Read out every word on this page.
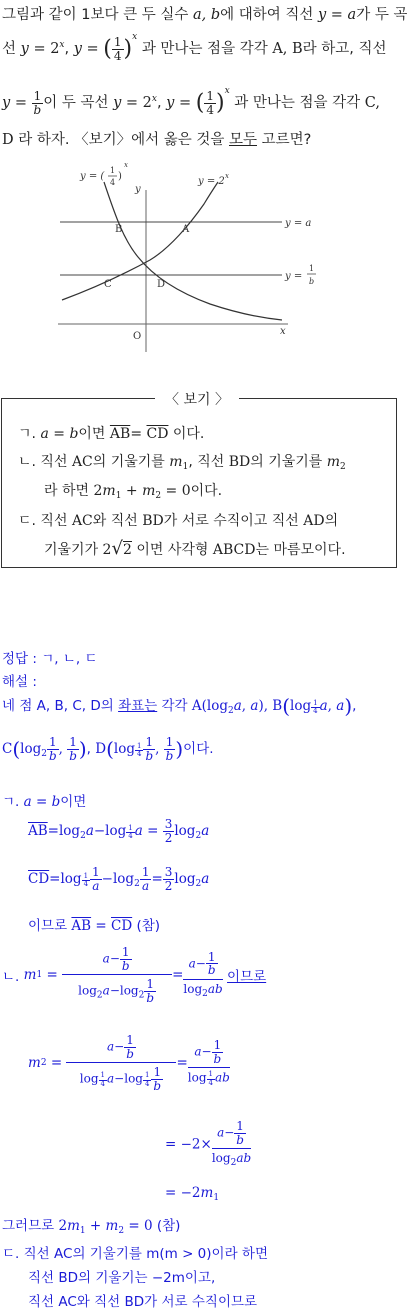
그림과 같이 1보다 큰 두 실수 a, b에 대하여 직선 y = a가 두 곡
선 $y = 2^x$, y = ( $\frac{1}{4} )^x$ 과 만나는 점을 각각 A, B라 하고, 직선
$y = \frac{1}{b}$ 이 두 곡선 $y = 2^x$, y = ( $\frac{1}{4} )^x$ 과 만나는 점을 각각 C,
D 라 하자. 〈보기〉에서 옳은 것을 모두 고르면?
y = (
1
4
)
x
y = 2 x
y
x
O
B	A
C	D
y = a
y =
1
b
〈 보기 〉
ㄱ. a = b이면 $\overline{AB}= \overline{CD}$ 이다.
ㄴ. 직선 AC의 기울기를 $m_1$, 직선 BD의 기울기를 $m_2$
라 하면 $2m_1 + m_2 = 0$이다.
ㄷ. 직선 AC와 직선 BD가 서로 수직이고 직선 AD의
기울기가 2√2 이면 사각형 ABCD는 마름모이다.
정답 : ㄱ, ㄴ, ㄷ
해설 :
네 점 A, B, C, D의 좌표는 각각 $A(\log_2a$, a), $B(\log \frac{1}{4} a$, a),
$C(\log_2 \frac{1}{b}$ , $\frac{1}{b}$ ), $D(\log \frac{1}{4} \frac{1}{b}$ , $\frac{1}{b}$ )이다.
ㄱ. a = b이면
$\overline{AB}=\log_2a-\log \frac{1}{4}$ $a = \frac{3}{2} \log_2a$
$\overline{CD}=\log \frac{1}{4} \frac{1}{a} -\log_2 \frac{1}{a} = \frac{3}{2} \log_2a$
이므로 $\overline{AB} = \overline{CD}$ (참)
ㄴ. $m1 = \frac{a- \frac{1}{b}}{\log_2a-\log_2 \frac{1}{b}} = \frac{a- \frac{1}{b}}{\log_2ab}$ 이므로
$m2 = \frac{a- \frac{1}{b}}{\log \frac{1}{4} a-\log \frac{1}{4} \frac{1}{b}} = \frac{a- \frac{1}{b}}{\log \frac{1}{4} ab}$
= $-2\times \frac{a- \frac{1}{b}}{\log_2ab}$
= $-2m_1$
그러므로 $2m_1 + m_2 = 0$ (참)
ㄷ. 직선 AC의 기울기를 m(m > 0)이라 하면
직선 BD의 기울기는 −2m이고,
직선 AC와 직선 BD가 서로 수직이므로
